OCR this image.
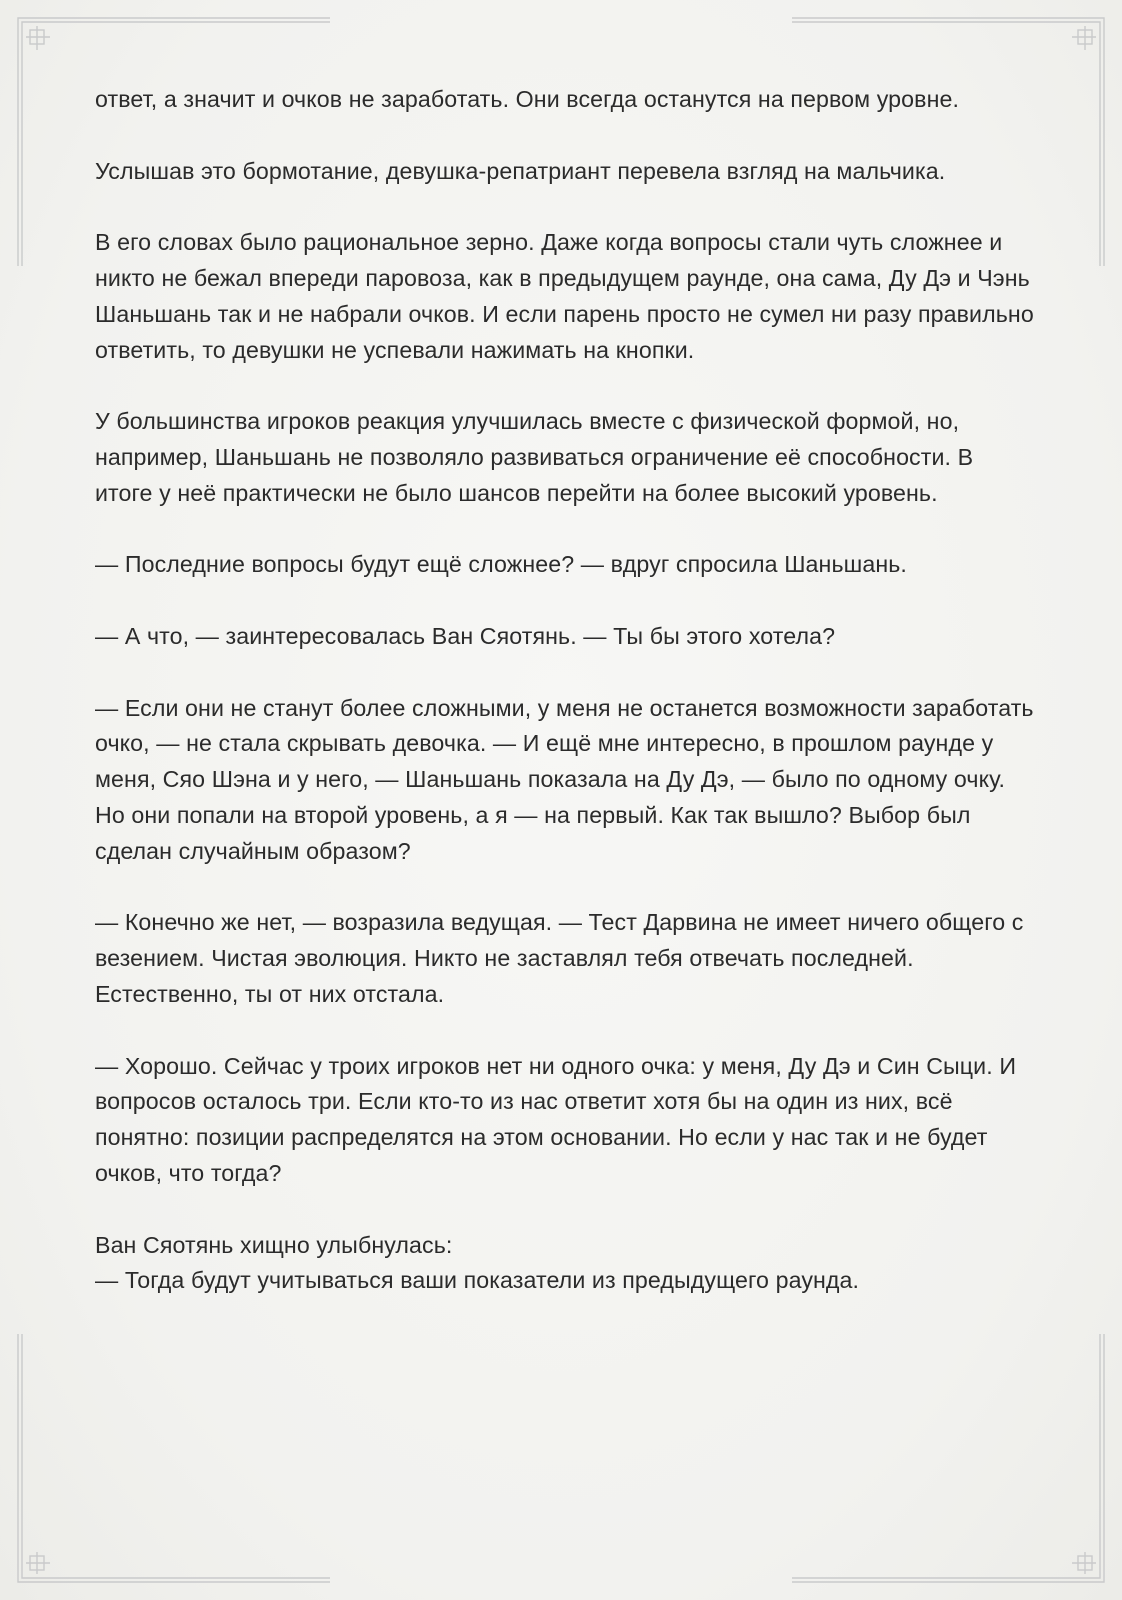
ответ, а значит и очков не заработать. Они всегда останутся на первом уровне.

Услышав это бормотание, девушка-репатриант перевела взгляд на мальчика.

В его словах было рациональное зерно. Даже когда вопросы стали чуть сложнее и никто не бежал впереди паровоза, как в предыдущем раунде, она сама, Ду Дэ и Чэнь Шаньшань так и не набрали очков. И если парень просто не сумел ни разу правильно ответить, то девушки не успевали нажимать на кнопки.

У большинства игроков реакция улучшилась вместе с физической формой, но, например, Шаньшань не позволяло развиваться ограничение её способности. В итоге у неё практически не было шансов перейти на более высокий уровень.

— Последние вопросы будут ещё сложнее? — вдруг спросила Шаньшань.

— А что, — заинтересовалась Ван Сяотянь. — Ты бы этого хотела?

— Если они не станут более сложными, у меня не останется возможности заработать очко, — не стала скрывать девочка. — И ещё мне интересно, в прошлом раунде у меня, Сяо Шэна и у него, — Шаньшань показала на Ду Дэ, — было по одному очку. Но они попали на второй уровень, а я — на первый. Как так вышло? Выбор был сделан случайным образом?

— Конечно же нет, — возразила ведущая. — Тест Дарвина не имеет ничего общего с везением. Чистая эволюция. Никто не заставлял тебя отвечать последней. Естественно, ты от них отстала.

— Хорошо. Сейчас у троих игроков нет ни одного очка: у меня, Ду Дэ и Син Сыци. И вопросов осталось три. Если кто-то из нас ответит хотя бы на один из них, всё понятно: позиции распределятся на этом основании. Но если у нас так и не будет очков, что тогда?

Ван Сяотянь хищно улыбнулась:
— Тогда будут учитываться ваши показатели из предыдущего раунда.
